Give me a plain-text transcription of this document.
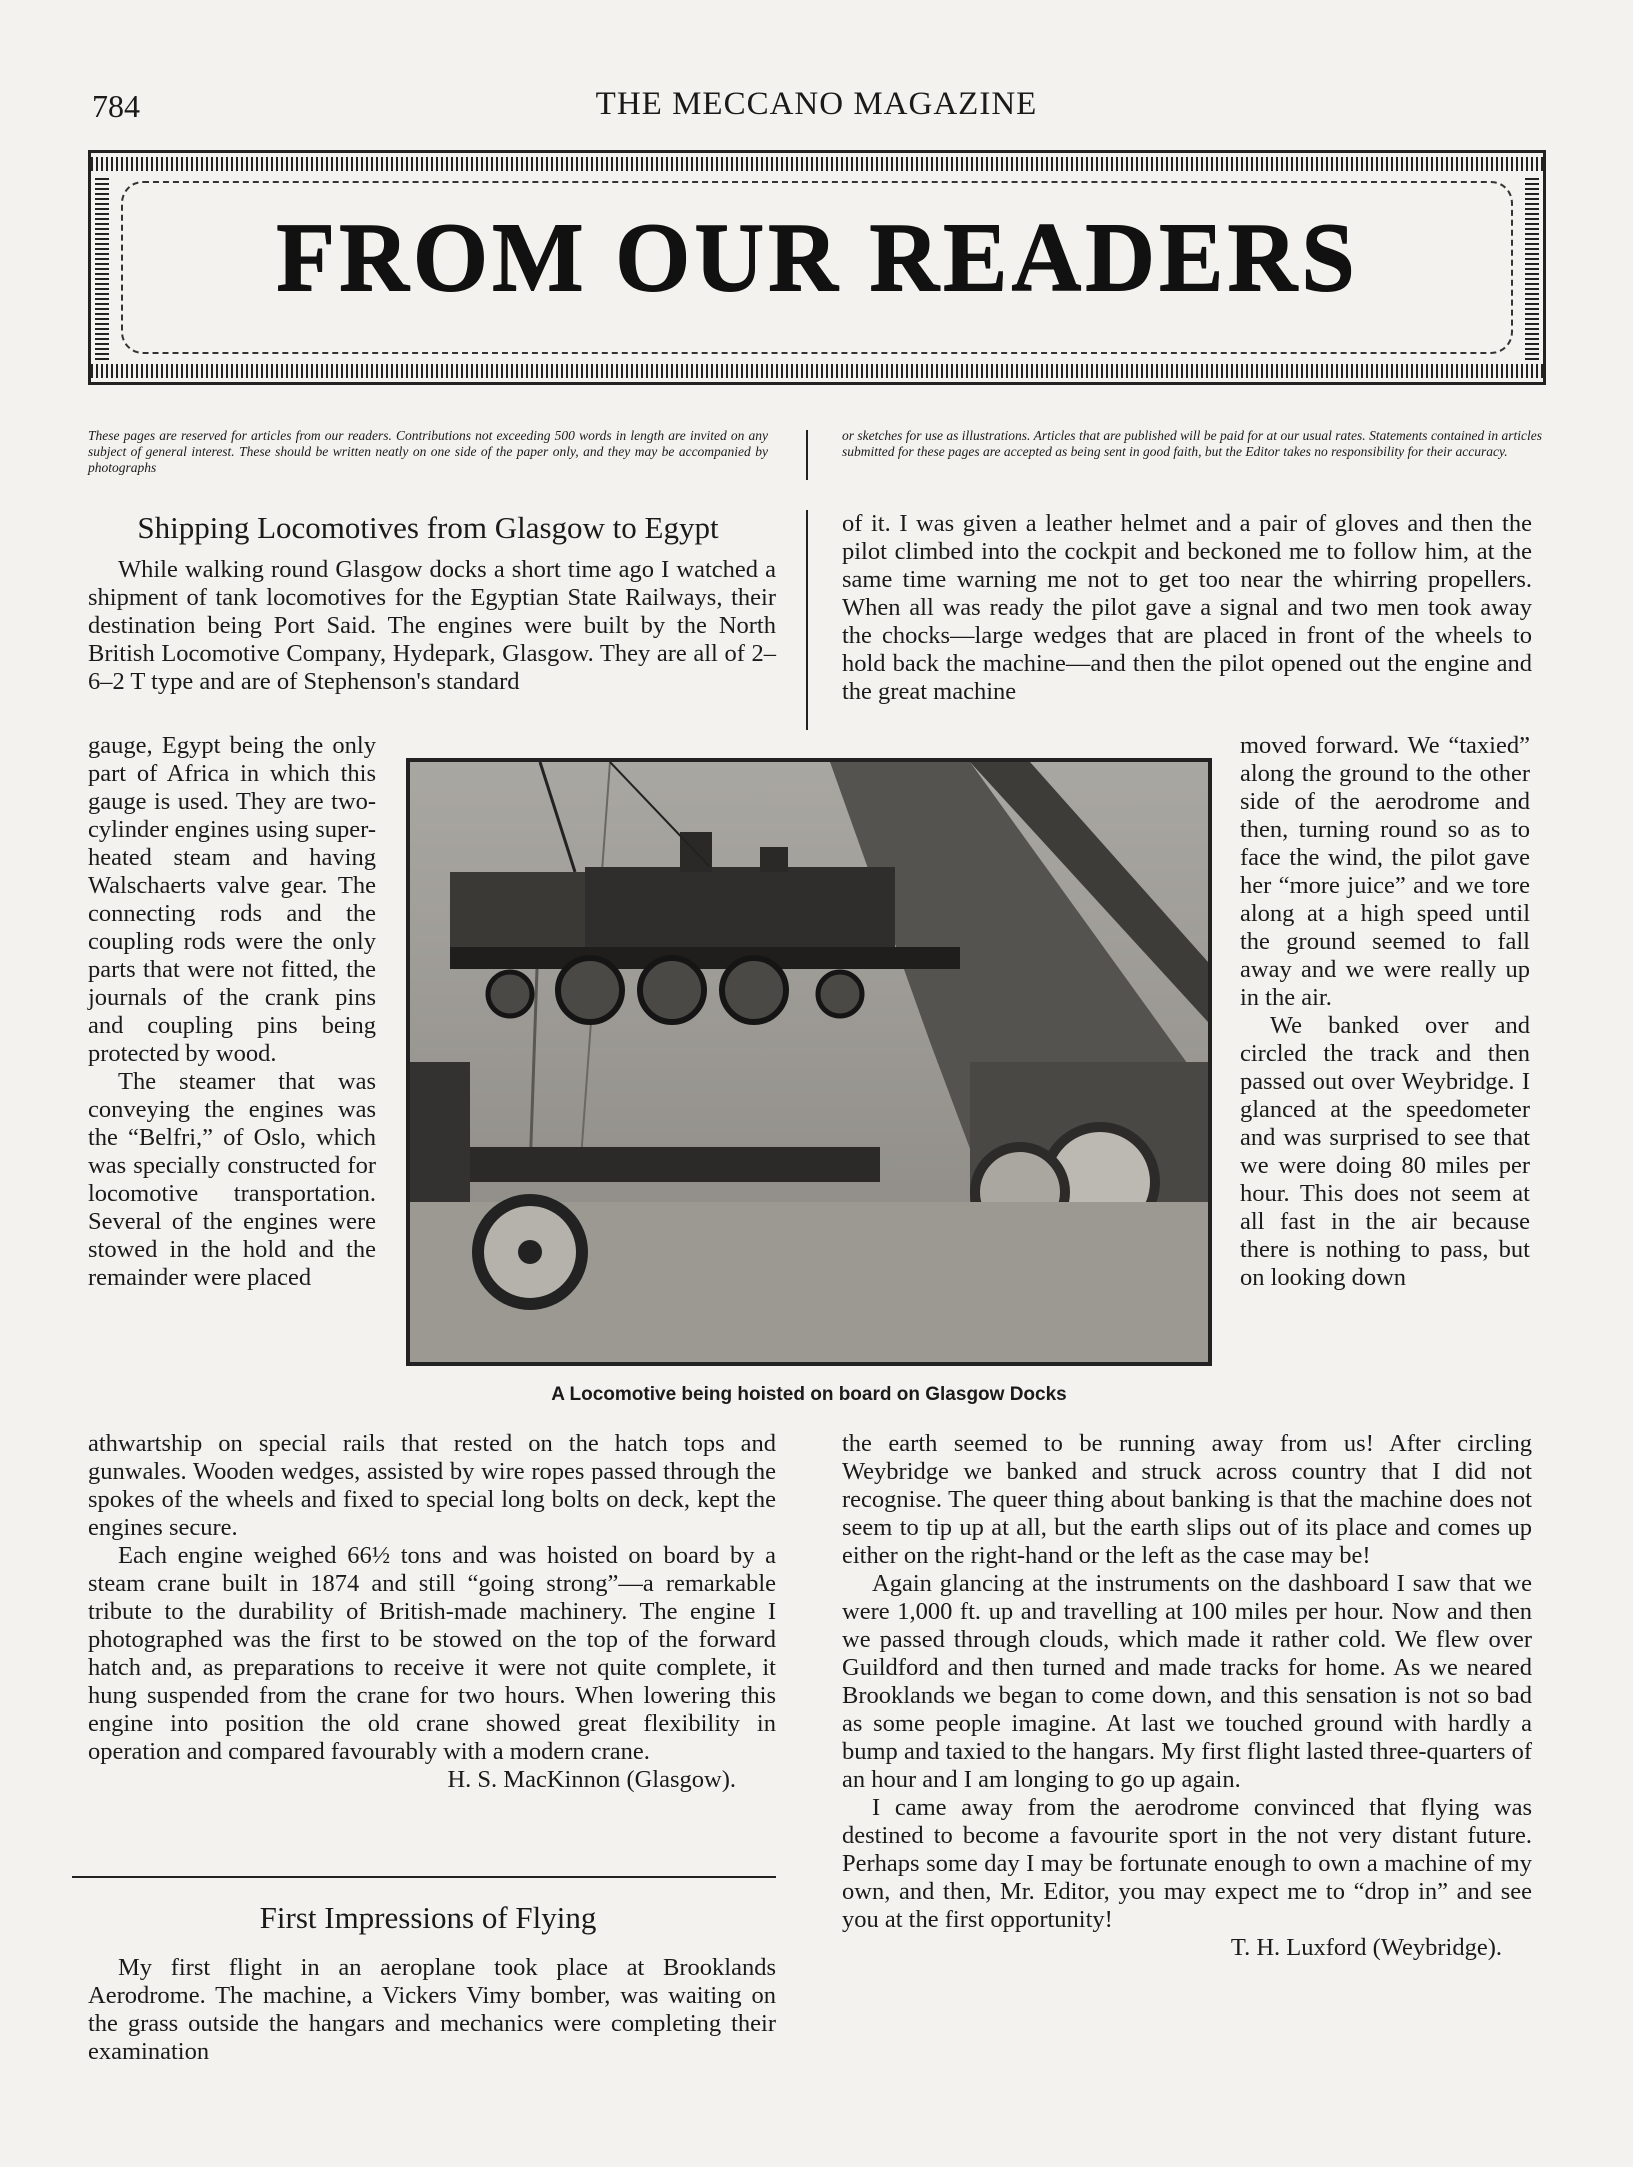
784	THE MECCANO MAGAZINE
FROM OUR READERS
These pages are reserved for articles from our readers. Contributions not exceeding 500 words in length are invited on any subject of general interest. These should be written neatly on one side of the paper only, and they may be accompanied by photographs
or sketches for use as illustrations. Articles that are published will be paid for at our usual rates. Statements contained in articles submitted for these pages are accepted as being sent in good faith, but the Editor takes no responsibility for their accuracy.
Shipping Locomotives from Glasgow to Egypt

While walking round Glasgow docks a short time ago I watched a shipment of tank locomotives for the Egyptian State Railways, their destination being Port Said. The engines were built by the North British Locomotive Company, Hydepark, Glasgow. They are all of 2–6–2 T type and are of Stephenson's standard

gauge, Egypt being the only part of Africa in which this gauge is used. They are two-cylinder engines using super-heated steam and having Walschaerts valve gear. The connecting rods and the coupling rods were the only parts that were not fitted, the journals of the crank pins and coupling pins being protected by wood.

The steamer that was conveying the engines was the “Belfri,” of Oslo, which was specially constructed for locomotive transportation. Several of the engines were stowed in the hold and the remainder were placed

athwartship on special rails that rested on the hatch tops and gunwales. Wooden wedges, assisted by wire ropes passed through the spokes of the wheels and fixed to special long bolts on deck, kept the engines secure.

Each engine weighed 66½ tons and was hoisted on board by a steam crane built in 1874 and still “going strong”—a remarkable tribute to the durability of British-made machinery. The engine I photographed was the first to be stowed on the top of the forward hatch and, as preparations to receive it were not quite complete, it hung suspended from the crane for two hours. When lowering this engine into position the old crane showed great flexibility in operation and compared favourably with a modern crane.

H. S. MacKinnon (Glasgow).
A Locomotive being hoisted on board on Glasgow Docks
First Impressions of Flying

My first flight in an aeroplane took place at Brooklands Aerodrome. The machine, a Vickers Vimy bomber, was waiting on the grass outside the hangars and mechanics were completing their examination

of it. I was given a leather helmet and a pair of gloves and then the pilot climbed into the cockpit and beckoned me to follow him, at the same time warning me not to get too near the whirring propellers. When all was ready the pilot gave a signal and two men took away the chocks—large wedges that are placed in front of the wheels to hold back the machine—and then the pilot opened out the engine and the great machine

moved forward. We “taxied” along the ground to the other side of the aerodrome and then, turning round so as to face the wind, the pilot gave her “more juice” and we tore along at a high speed until the ground seemed to fall away and we were really up in the air.

We banked over and circled the track and then passed out over Weybridge. I glanced at the speedometer and was surprised to see that we were doing 80 miles per hour. This does not seem at all fast in the air because there is nothing to pass, but on looking down

the earth seemed to be running away from us! After circling Weybridge we banked and struck across country that I did not recognise. The queer thing about banking is that the machine does not seem to tip up at all, but the earth slips out of its place and comes up either on the right-hand or the left as the case may be!

Again glancing at the instruments on the dashboard I saw that we were 1,000 ft. up and travelling at 100 miles per hour. Now and then we passed through clouds, which made it rather cold. We flew over Guildford and then turned and made tracks for home. As we neared Brooklands we began to come down, and this sensation is not so bad as some people imagine. At last we touched ground with hardly a bump and taxied to the hangars. My first flight lasted three-quarters of an hour and I am longing to go up again.

I came away from the aerodrome convinced that flying was destined to become a favourite sport in the not very distant future. Perhaps some day I may be fortunate enough to own a machine of my own, and then, Mr. Editor, you may expect me to “drop in” and see you at the first opportunity!

T. H. Luxford (Weybridge).
